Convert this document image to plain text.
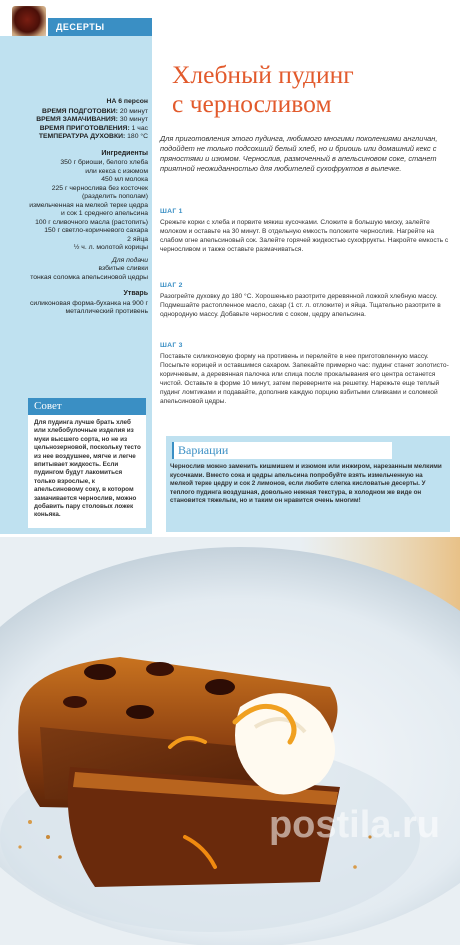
ДЕСЕРТЫ
НА 6 персон
ВРЕМЯ ПОДГОТОВКИ: 20 минут
ВРЕМЯ ЗАМАЧИВАНИЯ: 30 минут
ВРЕМЯ ПРИГОТОВЛЕНИЯ: 1 час
ТЕМПЕРАТУРА ДУХОВКИ: 180 °С
Ингредиенты
350 г бриоши, белого хлеба
или кекса с изюмом
450 мл молока
225 г чернослива без косточек
(разделить пополам)
измельченная на мелкой терке цедра
и сок 1 среднего апельсина
100 г сливочного масла (растопить)
150 г светло-коричневого сахара
2 яйца
½ ч. л. молотой корицы
Для подачи
взбитые сливки
тонкая соломка апельсиновой цедры
Утварь
силиконовая форма-буханка на 900 г
металлический противень
Совет
Для пудинга лучше брать хлеб или хлебобулочные изделия из муки высшего сорта, но не из цельнозерновой, поскольку тесто из нее воздушнее, мягче и легче впитывает жидкость. Если пудингом будут лакомиться только взрослые, к апельсиновому соку, в котором замачивается чернослив, можно добавить пару столовых ложек коньяка.
Хлебный пудинг
с черносливом

Для приготовления этого пудинга, любимого многими поколениями англичан, подойдет не только подсохший белый хлеб, но и бриошь или домашний кекс с пряностями и изюмом. Чернослив, размоченный в апельсиновом соке, станет приятной неожиданностью для любителей сухофруктов в выпечке.

ШАГ 1

Срежьте корки с хлеба и порвите мякиш кусочками. Сложите в большую миску, залейте молоком и оставьте на 30 минут. В отдельную емкость положите чернослив. Нагрейте на слабом огне апельсиновый сок. Залейте горячей жидкостью сухофрукты. Накройте емкость с черносливом и также оставьте размачиваться.

ШАГ 2

Разогрейте духовку до 180 °С. Хорошенько разотрите деревянной ложкой хлебную массу. Подмешайте растопленное масло, сахар (1 ст. л. отложите) и яйца. Тщательно разотрите в однородную массу. Добавьте чернослив с соком, цедру апельсина.

ШАГ 3

Поставьте силиконовую форму на противень и перелейте в нее приготовленную массу. Посыпьте корицей и оставшимся сахаром. Запекайте примерно час: пудинг станет золотисто-коричневым, а деревянная палочка или спица после прокалывания его центра останется чистой. Оставьте в форме 10 минут, затем переверните на решетку. Нарежьте еще теплый пудинг ломтиками и подавайте, дополнив каждую порцию взбитыми сливками и соломкой апельсиновой цедры.

Вариации
Чернослив можно заменить кишмишем и изюмом или инжиром, нарезанным мелкими кусочками. Вместо сока и цедры апельсина попробуйте взять измельченную на мелкой терке цедру и сок 2 лимонов, если любите слегка кисловатые десерты. У теплого пудинга воздушная, довольно нежная текстура, в холодном же виде он становится тяжелым, но и таким он нравится очень многим!
postila.ru
